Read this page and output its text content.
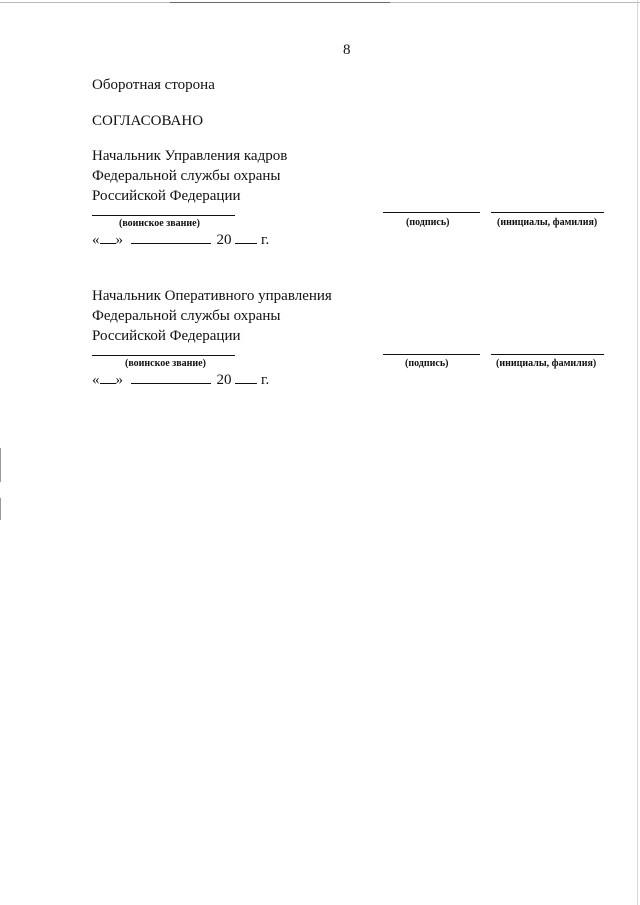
8
Оборотная сторона
СОГЛАСОВАНО
Начальник Управления кадров
Федеральной службы охраны
Российской Федерации
(воинское звание)	(подпись)	(инициалы, фамилия)
« »	20 г.
Начальник Оперативного управления
Федеральной службы охраны
Российской Федерации
(воинское звание)	(подпись)	(инициалы, фамилия)
« »	20 г.
